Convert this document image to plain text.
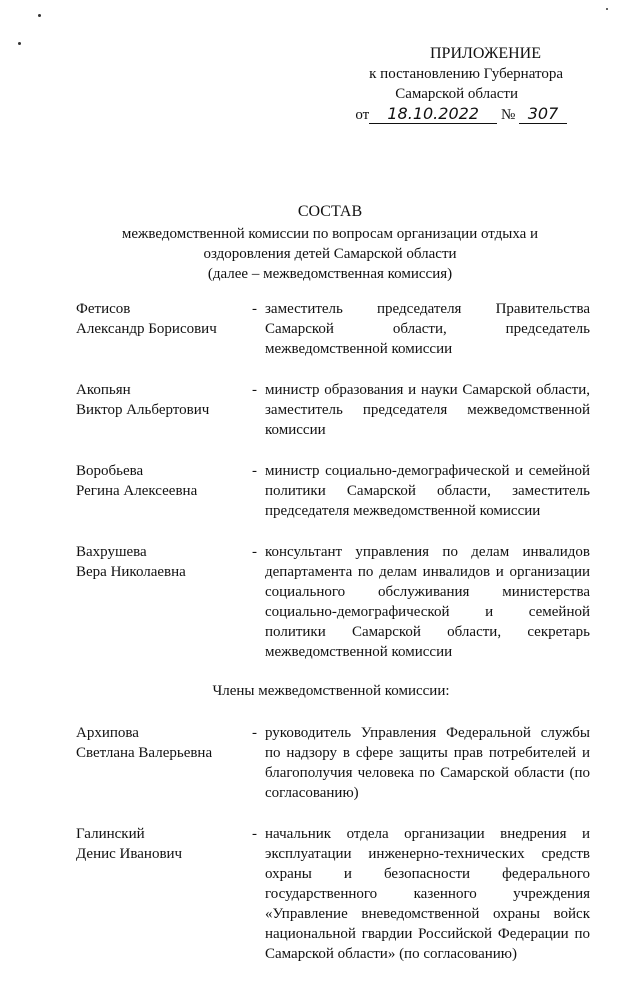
ПРИЛОЖЕНИЕ
к постановлению Губернатора
Самарской области
от 18.10.2022 № 307
СОСТАВ
межведомственной комиссии по вопросам организации отдыха и
оздоровления детей Самарской области
(далее – межведомственная комиссия)
Фетисов
Александр Борисович
- заместитель председателя Правительства Самарской области, председатель межведомственной комиссии
Акопьян
Виктор Альбертович
- министр образования и науки Самарской области, заместитель председателя межведомственной комиссии
Воробьева
Регина Алексеевна
- министр социально-демографической и семейной политики Самарской области, заместитель председателя межведомственной комиссии
Вахрушева
Вера Николаевна
- консультант управления по делам инвалидов департамента по делам инвалидов и организации социального обслуживания министерства социально-демографической и семейной политики Самарской области, секретарь межведомственной комиссии
Члены межведомственной комиссии:
Архипова
Светлана Валерьевна
- руководитель Управления Федеральной службы по надзору в сфере защиты прав потребителей и благополучия человека по Самарской области (по согласованию)
Галинский
Денис Иванович
- начальник отдела организации внедрения и эксплуатации инженерно-технических средств охраны и безопасности федерального государственного казенного учреждения «Управление вневедомственной охраны войск национальной гвардии Российской Федерации по Самарской области» (по согласованию)
